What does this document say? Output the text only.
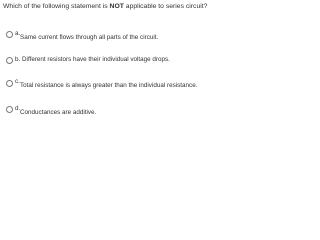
Which of the following statement is NOT applicable to series circuit?
a.
Same current flows through all parts of the circuit.
b. Different resistors have their individual voltage drops.
c.
Total resistance is always greater than the individual resistance.
d.
Conductances are additive.
